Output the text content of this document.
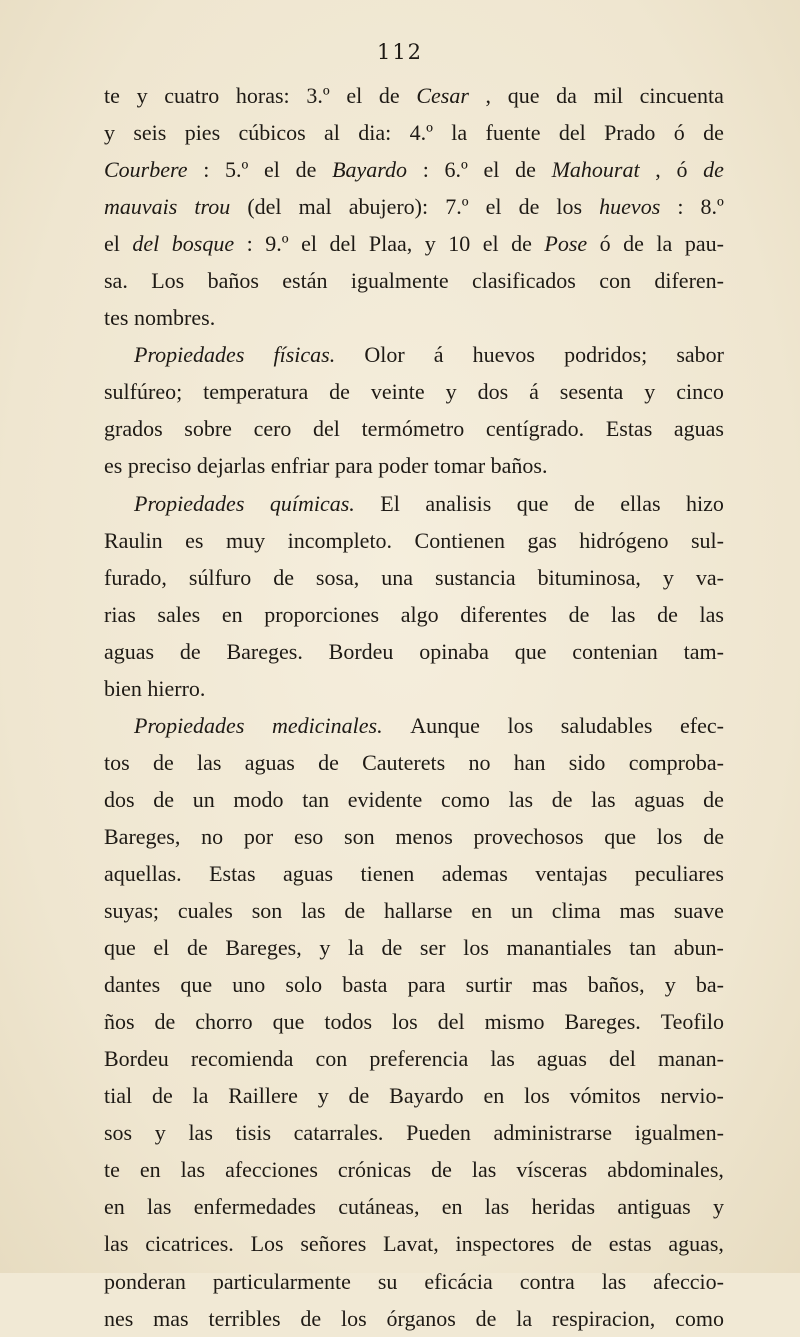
112
te y cuatro horas: 3.º el de Cesar , que da mil cincuenta
y seis pies cúbicos al dia: 4.º la fuente del Prado ó de
Courbere : 5.º el de Bayardo : 6.º el de Mahourat , ó de
mauvais trou (del mal abujero): 7.º el de los huevos : 8.º
el del bosque : 9.º el del Plaa, y 10 el de Pose ó de la pau-
sa. Los baños están igualmente clasificados con diferen-
tes nombres.
Propiedades físicas. Olor á huevos podridos; sabor
sulfúreo; temperatura de veinte y dos á sesenta y cinco
grados sobre cero del termómetro centígrado. Estas aguas
es preciso dejarlas enfriar para poder tomar baños.
Propiedades químicas. El analisis que de ellas hizo
Raulin es muy incompleto. Contienen gas hidrógeno sul-
furado, súlfuro de sosa, una sustancia bituminosa, y va-
rias sales en proporciones algo diferentes de las de las
aguas de Bareges. Bordeu opinaba que contenian tam-
bien hierro.
Propiedades medicinales. Aunque los saludables efec-
tos de las aguas de Cauterets no han sido comproba-
dos de un modo tan evidente como las de las aguas de
Bareges, no por eso son menos provechosos que los de
aquellas. Estas aguas tienen ademas ventajas peculiares
suyas; cuales son las de hallarse en un clima mas suave
que el de Bareges, y la de ser los manantiales tan abun-
dantes que uno solo basta para surtir mas baños, y ba-
ños de chorro que todos los del mismo Bareges. Teofilo
Bordeu recomienda con preferencia las aguas del manan-
tial de la Raillere y de Bayardo en los vómitos nervio-
sos y las tisis catarrales. Pueden administrarse igualmen-
te en las afecciones crónicas de las vísceras abdominales,
en las enfermedades cutáneas, en las heridas antiguas y
las cicatrices. Los señores Lavat, inspectores de estas aguas,
ponderan particularmente su eficácia contra las afeccio-
nes mas terribles de los órganos de la respiracion, como
